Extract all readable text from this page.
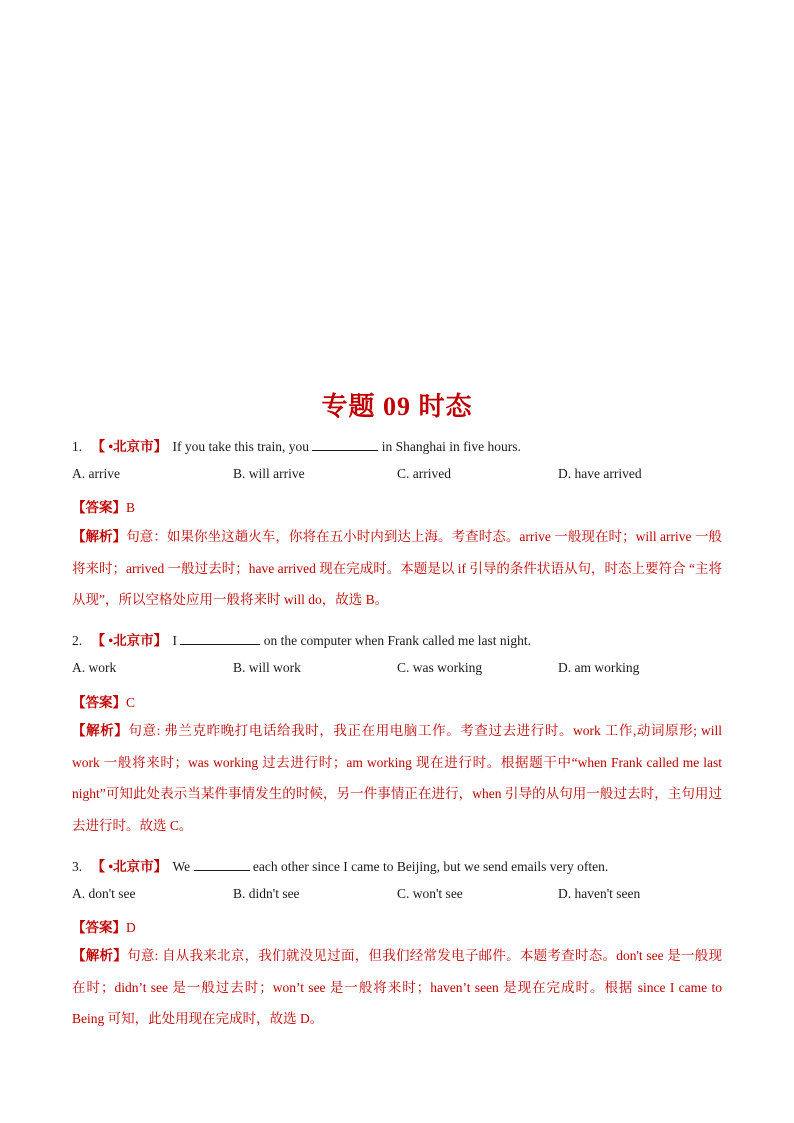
专题 09 时态
1. 【 •北京市】 If you take this train, you	in Shanghai in five hours.
A. arrive	B. will arrive	C. arrived	D. have arrived
【答案】B
【解析】句意：如果你坐这趟火车，你将在五小时内到达上海。考查时态。arrive 一般现在时；will arrive 一般将来时；arrived 一般过去时；have arrived 现在完成时。本题是以 if 引导的条件状语从句，时态上要符合 “主将从现”，所以空格处应用一般将来时 will do，故选 B。
2. 【 •北京市】 I	on the computer when Frank called me last night.
A. work	B. will work	C. was working	D. am working
【答案】C
【解析】句意: 弗兰克昨晚打电话给我时，我正在用电脑工作。考查过去进行时。work 工作,动词原形; will work 一般将来时；was working 过去进行时；am working 现在进行时。根据题干中“when Frank called me last night”可知此处表示当某件事情发生的时候，另一件事情正在进行，when 引导的从句用一般过去时，主句用过去进行时。故选 C。
3. 【 •北京市】 We	each other since I came to Beijing, but we send emails very often.
A. don't see	B. didn't see	C. won't see	D. haven't seen
【答案】D
【解析】句意: 自从我来北京，我们就没见过面，但我们经常发电子邮件。本题考查时态。don't see 是一般现在时；didn’t see 是一般过去时；won’t see 是一般将来时；haven’t seen 是现在完成时。根据 since I came to Being 可知，此处用现在完成时，故选 D。
